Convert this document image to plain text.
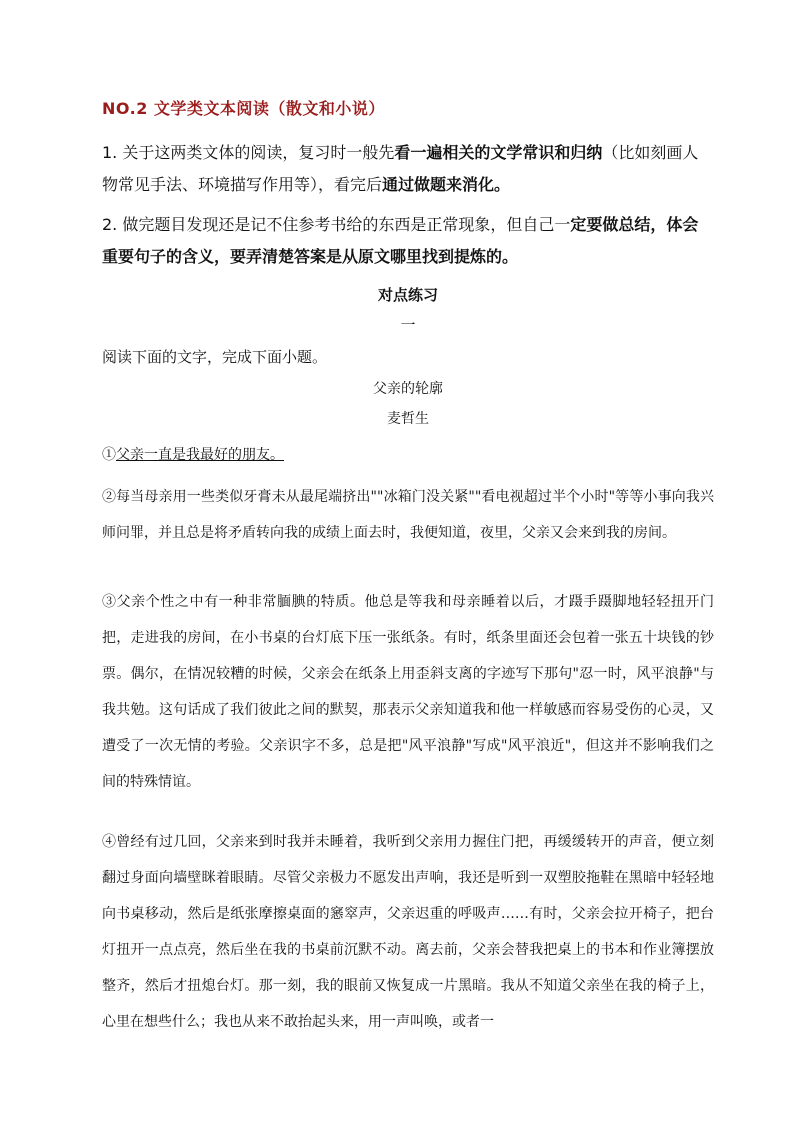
NO.2 文学类文本阅读（散文和小说）
1. 关于这两类文体的阅读，复习时一般先看一遍相关的文学常识和归纳（比如刻画人物常见手法、环境描写作用等），看完后通过做题来消化。
2. 做完题目发现还是记不住参考书给的东西是正常现象，但自己一定要做总结，体会重要句子的含义，要弄清楚答案是从原文哪里找到提炼的。
对点练习
一
阅读下面的文字，完成下面小题。
父亲的轮廓
麦哲生
①父亲一直是我最好的朋友。
②每当母亲用一些类似牙膏未从最尾端挤出""冰箱门没关紧""看电视超过半个小时"等等小事向我兴师问罪，并且总是将矛盾转向我的成绩上面去时，我便知道，夜里，父亲又会来到我的房间。
③父亲个性之中有一种非常腼腆的特质。他总是等我和母亲睡着以后，才蹑手蹑脚地轻轻扭开门把，走进我的房间，在小书桌的台灯底下压一张纸条。有时，纸条里面还会包着一张五十块钱的钞票。偶尔，在情况较糟的时候，父亲会在纸条上用歪斜支离的字迹写下那句"忍一时，风平浪静"与我共勉。这句话成了我们彼此之间的默契，那表示父亲知道我和他一样敏感而容易受伤的心灵，又遭受了一次无情的考验。父亲识字不多，总是把"风平浪静"写成"风平浪近"，但这并不影响我们之间的特殊情谊。
④曾经有过几回，父亲来到时我并未睡着，我听到父亲用力握住门把，再缓缓转开的声音，便立刻翻过身面向墙壁眯着眼睛。尽管父亲极力不愿发出声响，我还是听到一双塑胶拖鞋在黑暗中轻轻地向书桌移动，然后是纸张摩擦桌面的窸窣声，父亲迟重的呼吸声……有时，父亲会拉开椅子，把台灯扭开一点点亮，然后坐在我的书桌前沉默不动。离去前，父亲会替我把桌上的书本和作业簿摆放整齐，然后才扭熄台灯。那一刻，我的眼前又恢复成一片黑暗。我从不知道父亲坐在我的椅子上，心里在想些什么；我也从来不敢抬起头来，用一声叫唤，或者一
